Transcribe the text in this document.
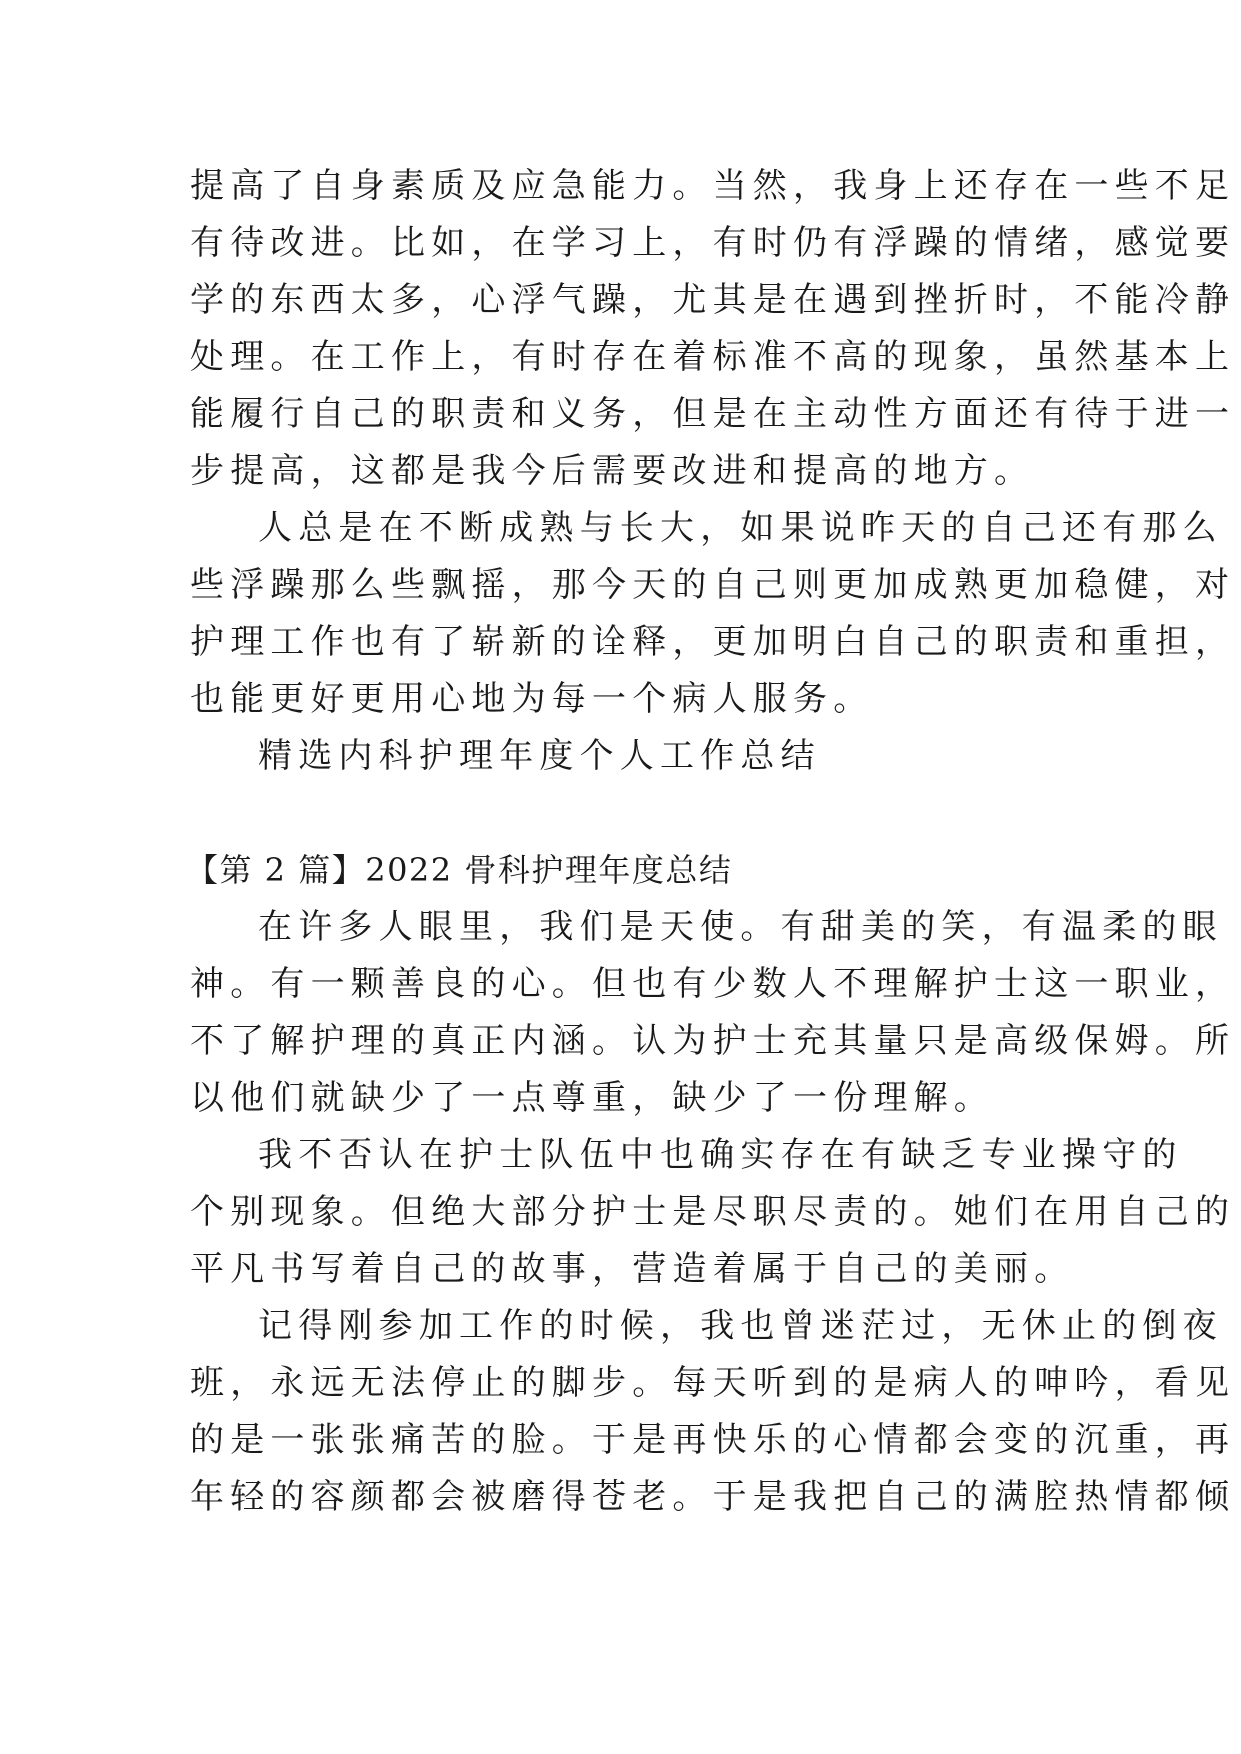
提高了自身素质及应急能力。当然，我身上还存在一些不足
有待改进。比如，在学习上，有时仍有浮躁的情绪，感觉要
学的东西太多，心浮气躁，尤其是在遇到挫折时，不能冷静
处理。在工作上，有时存在着标准不高的现象，虽然基本上
能履行自己的职责和义务，但是在主动性方面还有待于进一
步提高，这都是我今后需要改进和提高的地方。
人总是在不断成熟与长大，如果说昨天的自己还有那么
些浮躁那么些飘摇，那今天的自己则更加成熟更加稳健，对
护理工作也有了崭新的诠释，更加明白自己的职责和重担，
也能更好更用心地为每一个病人服务。
精选内科护理年度个人工作总结
【第 2 篇】2022 骨科护理年度总结
在许多人眼里，我们是天使。有甜美的笑，有温柔的眼
神。有一颗善良的心。但也有少数人不理解护士这一职业，
不了解护理的真正内涵。认为护士充其量只是高级保姆。所
以他们就缺少了一点尊重，缺少了一份理解。
我不否认在护士队伍中也确实存在有缺乏专业操守的
个别现象。但绝大部分护士是尽职尽责的。她们在用自己的
平凡书写着自己的故事，营造着属于自己的美丽。
记得刚参加工作的时候，我也曾迷茫过，无休止的倒夜
班，永远无法停止的脚步。每天听到的是病人的呻吟，看见
的是一张张痛苦的脸。于是再快乐的心情都会变的沉重，再
年轻的容颜都会被磨得苍老。于是我把自己的满腔热情都倾
